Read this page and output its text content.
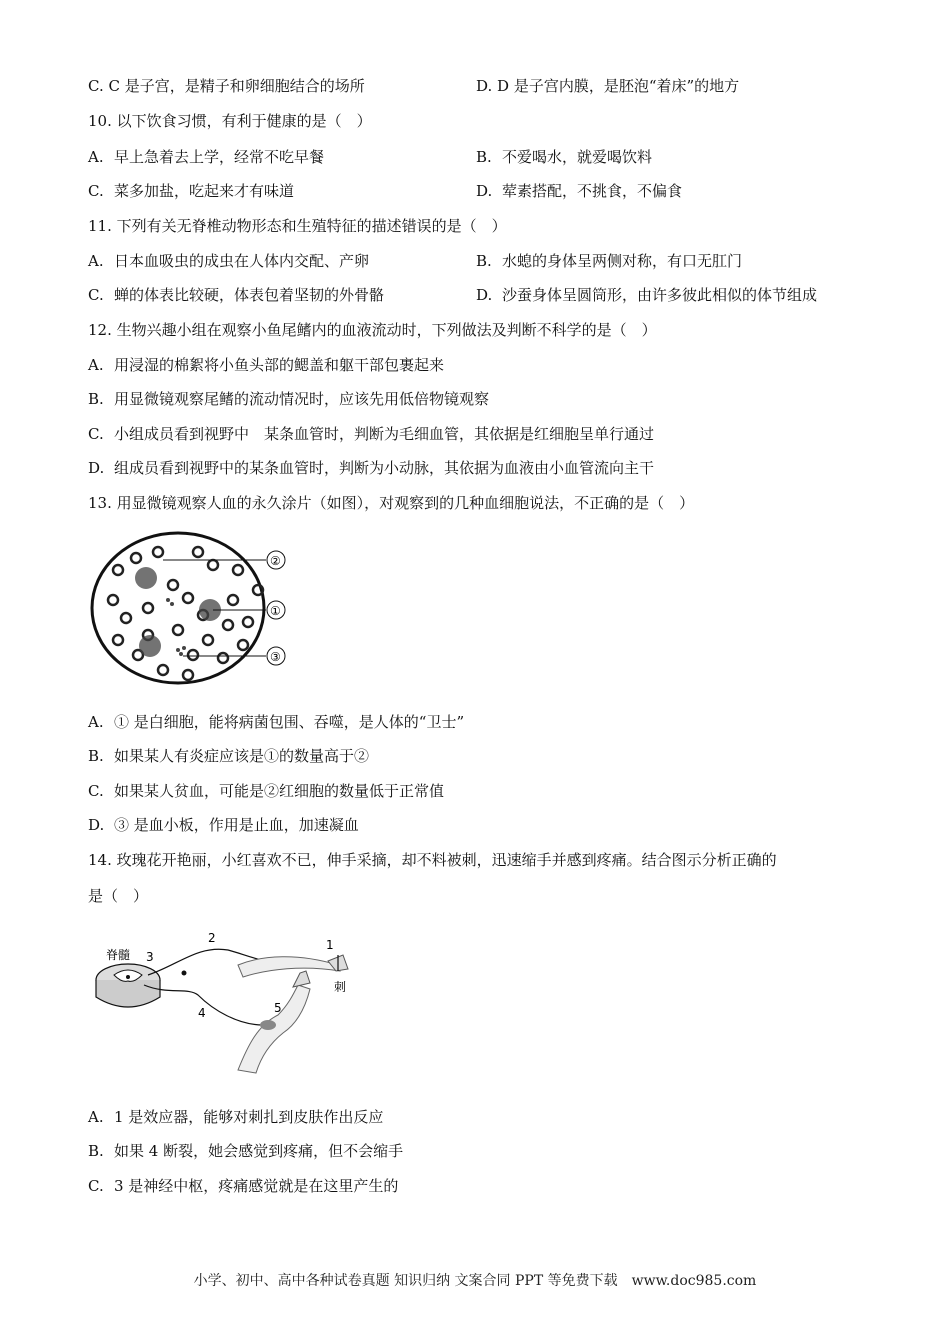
C. C 是子宫，是精子和卵细胞结合的场所	D. D 是子宫内膜，是胚泡“着床”的地方
10. 以下饮食习惯，有利于健康的是（　）
A. 早上急着去上学，经常不吃早餐	B. 不爱喝水，就爱喝饮料
C. 菜多加盐，吃起来才有味道	D. 荤素搭配，不挑食，不偏食
11. 下列有关无脊椎动物形态和生殖特征的描述错误的是（　）
A. 日本血吸虫的成虫在人体内交配、产卵	B. 水螅的身体呈两侧对称，有口无肛门
C. 蝉的体表比较硬，体表包着坚韧的外骨骼	D. 沙蚕身体呈圆筒形，由许多彼此相似的体节组成
12. 生物兴趣小组在观察小鱼尾鳍内的血液流动时，下列做法及判断不科学的是（　）
A. 用浸湿的棉絮将小鱼头部的鳃盖和躯干部包裹起来
B. 用显微镜观察尾鳍的流动情况时，应该先用低倍物镜观察
C. 小组成员看到视野中　某条血管时，判断为毛细血管，其依据是红细胞呈单行通过
D. 组成员看到视野中的某条血管时，判断为小动脉，其依据为血液由小血管流向主干
13. 用显微镜观察人血的永久涂片（如图），对观察到的几种血细胞说法，不正确的是（　）
②
①
③
A. ① 是白细胞，能将病菌包围、吞噬，是人体的“卫士”
B. 如果某人有炎症应该是①的数量高于②
C. 如果某人贫血，可能是②红细胞的数量低于正常值
D. ③ 是血小板，作用是止血，加速凝血
14. 玫瑰花开艳丽，小红喜欢不已，伸手采摘，却不料被刺，迅速缩手并感到疼痛。结合图示分析正确的
是（　）
脊髓 3
2	1
刺
4	5
A. 1 是效应器，能够对刺扎到皮肤作出反应
B. 如果 4 断裂，她会感觉到疼痛，但不会缩手
C. 3 是神经中枢，疼痛感觉就是在这里产生的
小学、初中、高中各种试卷真题 知识归纳 文案合同 PPT 等免费下载　www.doc985.com
